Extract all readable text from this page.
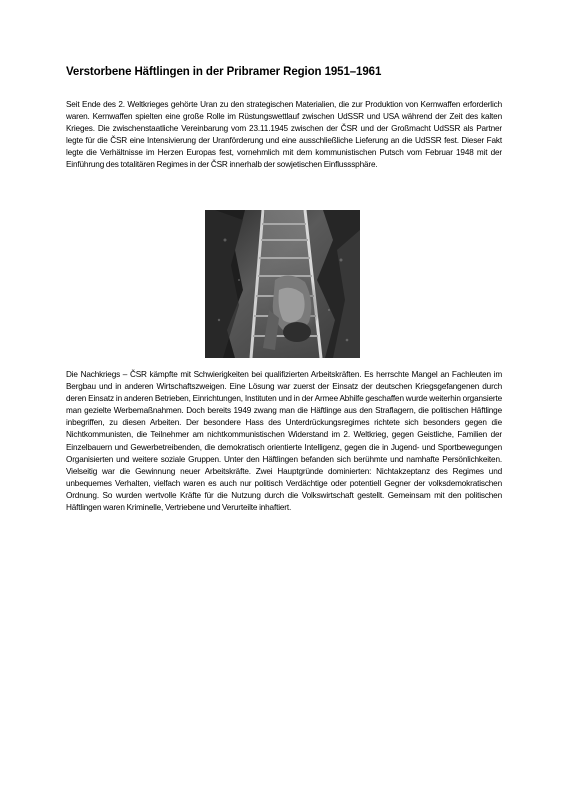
Verstorbene Häftlingen in der Pribramer Region 1951–1961
Seit Ende des 2. Weltkrieges gehörte Uran zu den strategischen Materialien, die zur Produktion von Kernwaffen erforderlich waren. Kernwaffen spielten eine große Rolle im Rüstungswettlauf zwischen UdSSR und USA während der Zeit des kalten Krieges. Die zwischenstaatliche Vereinbarung vom 23.11.1945 zwischen der ČSR und der Großmacht UdSSR als Partner legte für die ČSR eine Intensivierung der Uranförderung und eine ausschließliche Lieferung an die UdSSR fest. Dieser Fakt legte die Verhältnisse im Herzen Europas fest, vornehmlich mit dem kommunistischen Putsch vom Februar 1948 mit der Einführung des totalitären Regimes in der ČSR innerhalb der sowjetischen Einflusssphäre.
Die Nachkriegs – ČSR kämpfte mit Schwierigkeiten bei qualifizierten Arbeitskräften. Es herrschte Mangel an Fachleuten im Bergbau und in anderen Wirtschaftszweigen. Eine Lösung war zuerst der Einsatz der deutschen Kriegsgefangenen durch deren Einsatz in anderen Betrieben, Einrichtungen, Instituten und in der Armee Abhilfe geschaffen wurde weiterhin organsierte man gezielte Werbemaßnahmen. Doch bereits 1949 zwang man die Häftlinge aus den Straflagern, die politischen Häftlinge inbegriffen, zu diesen Arbeiten. Der besondere Hass des Unterdrückungsregimes richtete sich besonders gegen die Nichtkommunisten, die Teilnehmer am nichtkommunistischen Widerstand im 2. Weltkrieg, gegen Geistliche, Familien der Einzelbauern und Gewerbetreibenden, die demokratisch orientierte Intelligenz, gegen die in Jugend- und Sportbewegungen Organisierten und weitere soziale Gruppen. Unter den Häftlingen befanden sich berühmte und namhafte Persönlichkeiten. Vielseitig war die Gewinnung neuer Arbeitskräfte. Zwei Hauptgründe dominierten: Nichtakzeptanz des Regimes und unbequemes Verhalten, vielfach waren es auch nur politisch Verdächtige oder potentiell Gegner der volksdemokratischen Ordnung. So wurden wertvolle Kräfte für die Nutzung durch die Volkswirtschaft gestellt. Gemeinsam mit den politischen Häftlingen waren Kriminelle, Vertriebene und Verurteilte inhaftiert.
